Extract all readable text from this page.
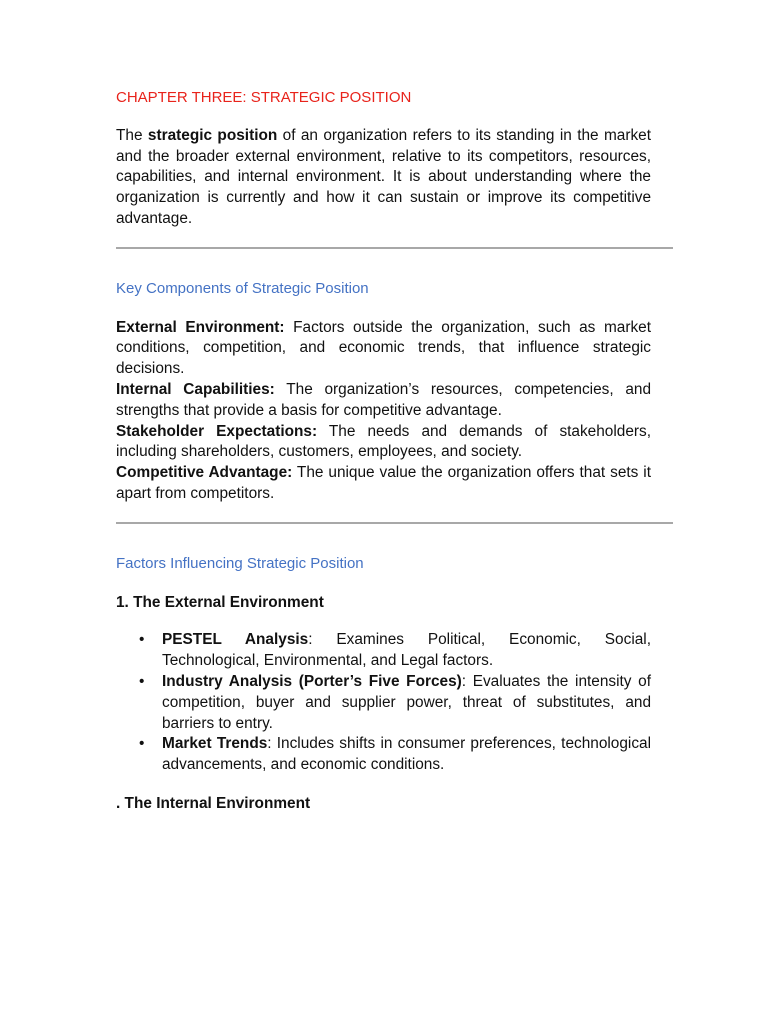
CHAPTER THREE: STRATEGIC POSITION

The strategic position of an organization refers to its standing in the market and the broader external environment, relative to its competitors, resources, capabilities, and internal environment. It is about understanding where the organization is currently and how it can sustain or improve its competitive advantage.

Key Components of Strategic Position

External Environment: Factors outside the organization, such as market conditions, competition, and economic trends, that influence strategic decisions.

Internal Capabilities: The organization’s resources, competencies, and strengths that provide a basis for competitive advantage.

Stakeholder Expectations: The needs and demands of stakeholders, including shareholders, customers, employees, and society.

Competitive Advantage: The unique value the organization offers that sets it apart from competitors.

Factors Influencing Strategic Position
1. The External Environment
• PESTEL Analysis: Examines Political, Economic, Social, Technological, Environmental, and Legal factors.
• Industry Analysis (Porter’s Five Forces): Evaluates the intensity of competition, buyer and supplier power, threat of substitutes, and barriers to entry.
• Market Trends: Includes shifts in consumer preferences, technological advancements, and economic conditions.
. The Internal Environment
